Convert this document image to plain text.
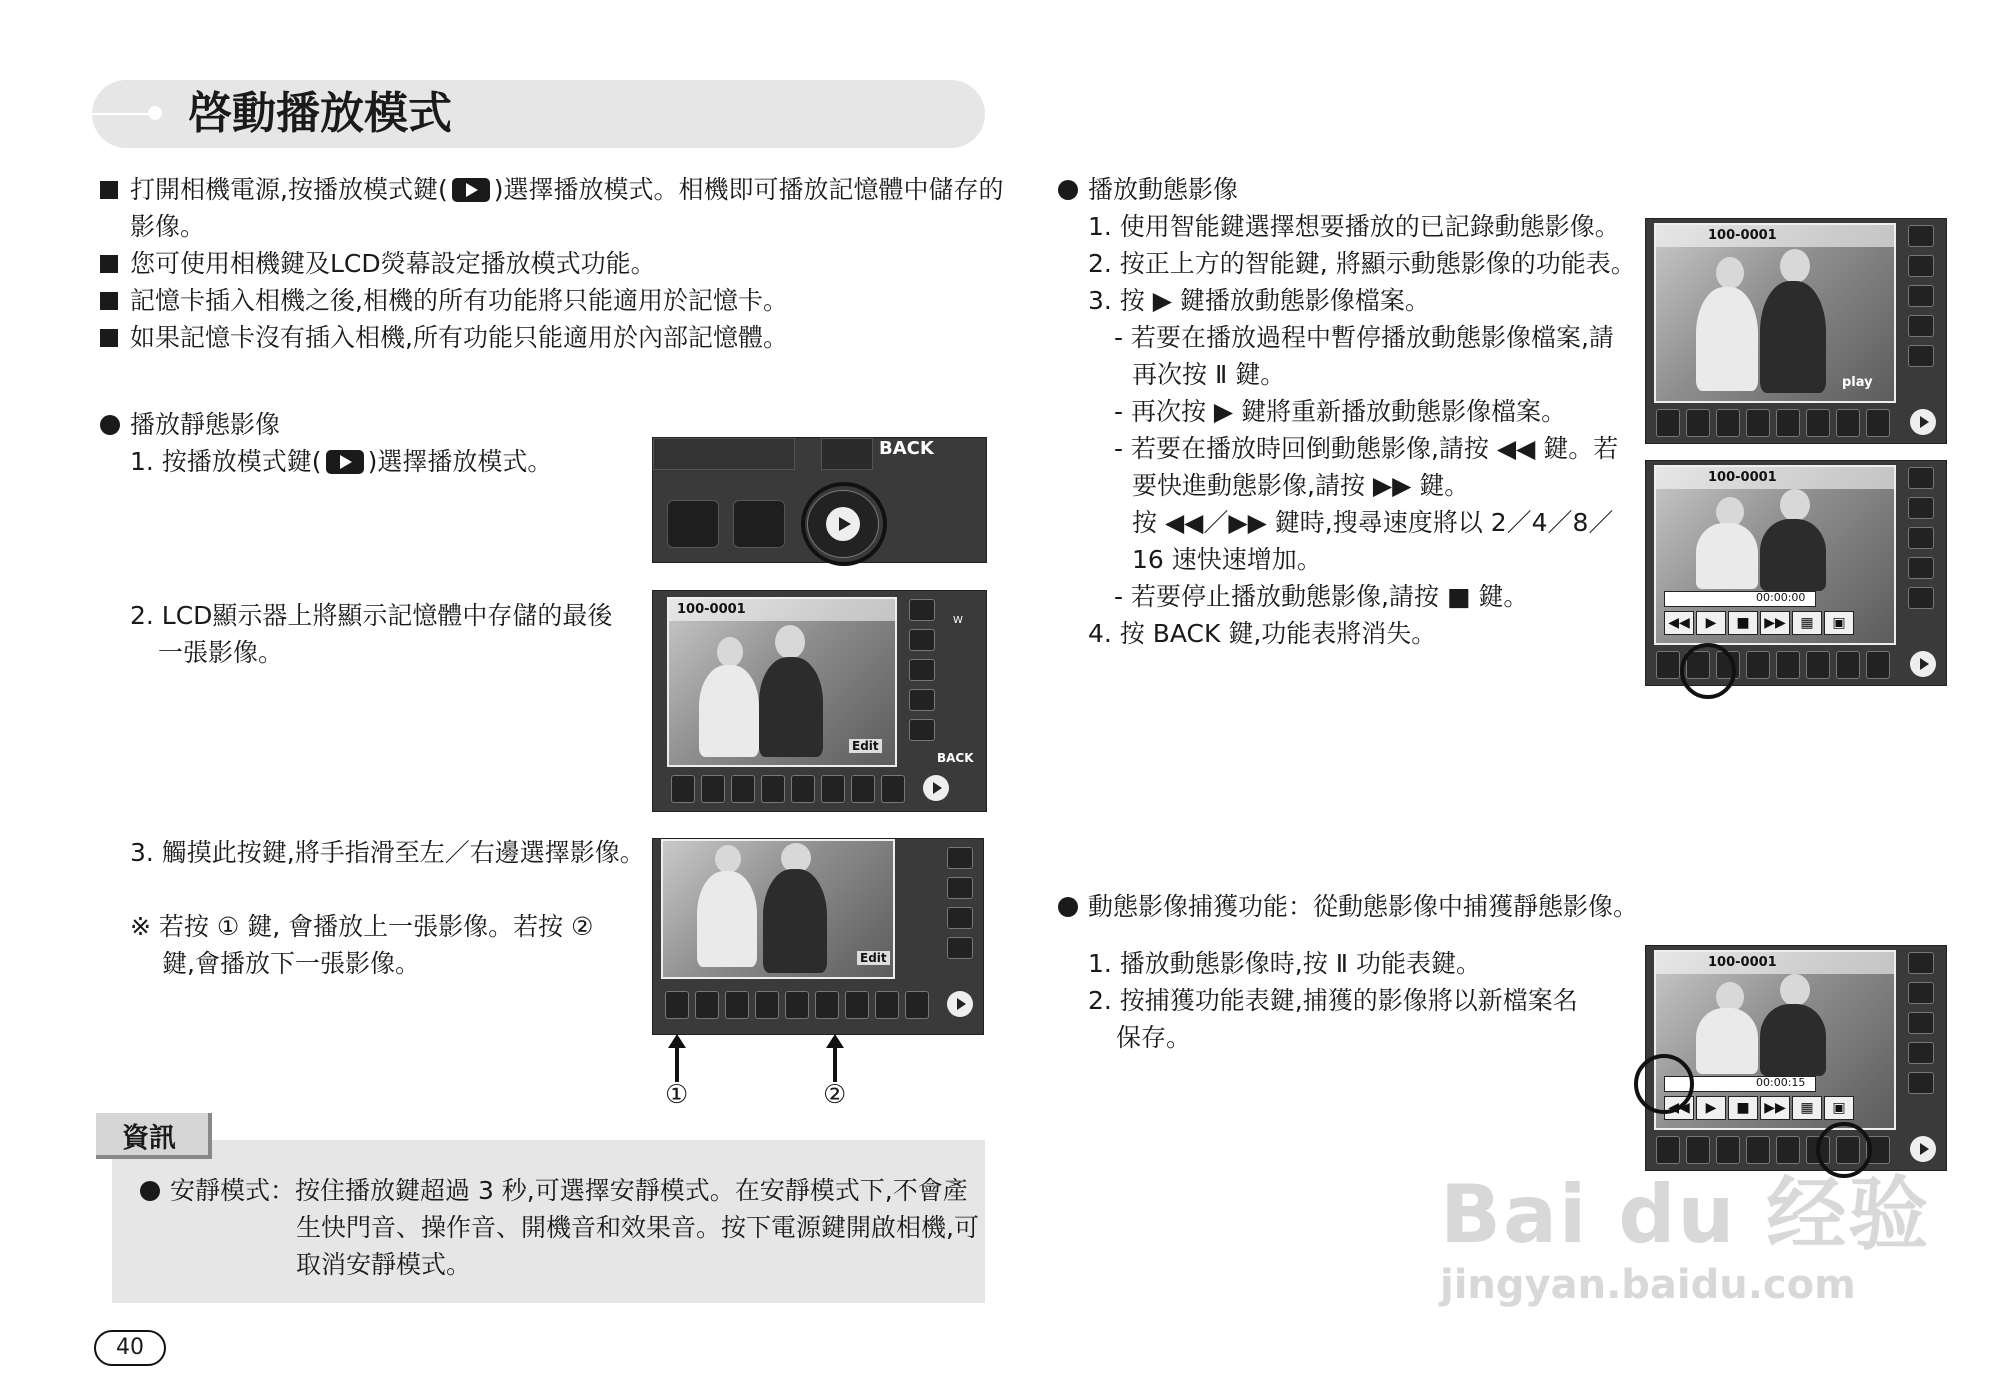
啓動播放模式
打開相機電源,按播放模式鍵( )選擇播放模式。相機即可播放記憶體中儲存的
影像。
您可使用相機鍵及LCD熒幕設定播放模式功能。
記憶卡插入相機之後,相機的所有功能將只能適用於記憶卡。
如果記憶卡沒有插入相機,所有功能只能適用於內部記憶體。
播放靜態影像
1. 按播放模式鍵( )選擇播放模式。
2. LCD顯示器上將顯示記憶體中存儲的最後
一張影像。
3. 觸摸此按鍵,將手指滑至左／右邊選擇影像。
※ 若按 ① 鍵, 會播放上一張影像。若按 ②
鍵,會播放下一張影像。
BACK
100-0001
Edit
BACK
W
Edit
①	②
資訊
安靜模式：按住播放鍵超過 3 秒,可選擇安靜模式。在安靜模式下,不會產
生快門音、操作音、開機音和效果音。按下電源鍵開啟相機,可
取消安靜模式。
40
播放動態影像
1. 使用智能鍵選擇想要播放的已記錄動態影像。
2. 按正上方的智能鍵, 將顯示動態影像的功能表。
3. 按 ▶ 鍵播放動態影像檔案。
- 若要在播放過程中暫停播放動態影像檔案,請
再次按 Ⅱ 鍵。
- 再次按 ▶ 鍵將重新播放動態影像檔案。
- 若要在播放時回倒動態影像,請按 ◀◀ 鍵。若
要快進動態影像,請按 ▶▶ 鍵。
按 ◀◀／▶▶ 鍵時,搜尋速度將以 2／4／8／
16 速快速增加。
- 若要停止播放動態影像,請按 ■ 鍵。
4. 按 BACK 鍵,功能表將消失。
100-0001
play
100-0001
00:00:00
◀◀	▶	■	▶▶	▦	▣
動態影像捕獲功能：從動態影像中捕獲靜態影像。
1. 播放動態影像時,按 Ⅱ 功能表鍵。
2. 按捕獲功能表鍵,捕獲的影像將以新檔案名
保存。
100-0001
00:00:15
◀◀	▶	■	▶▶	▦	▣
Bai du 经验
jingyan.baidu.com
